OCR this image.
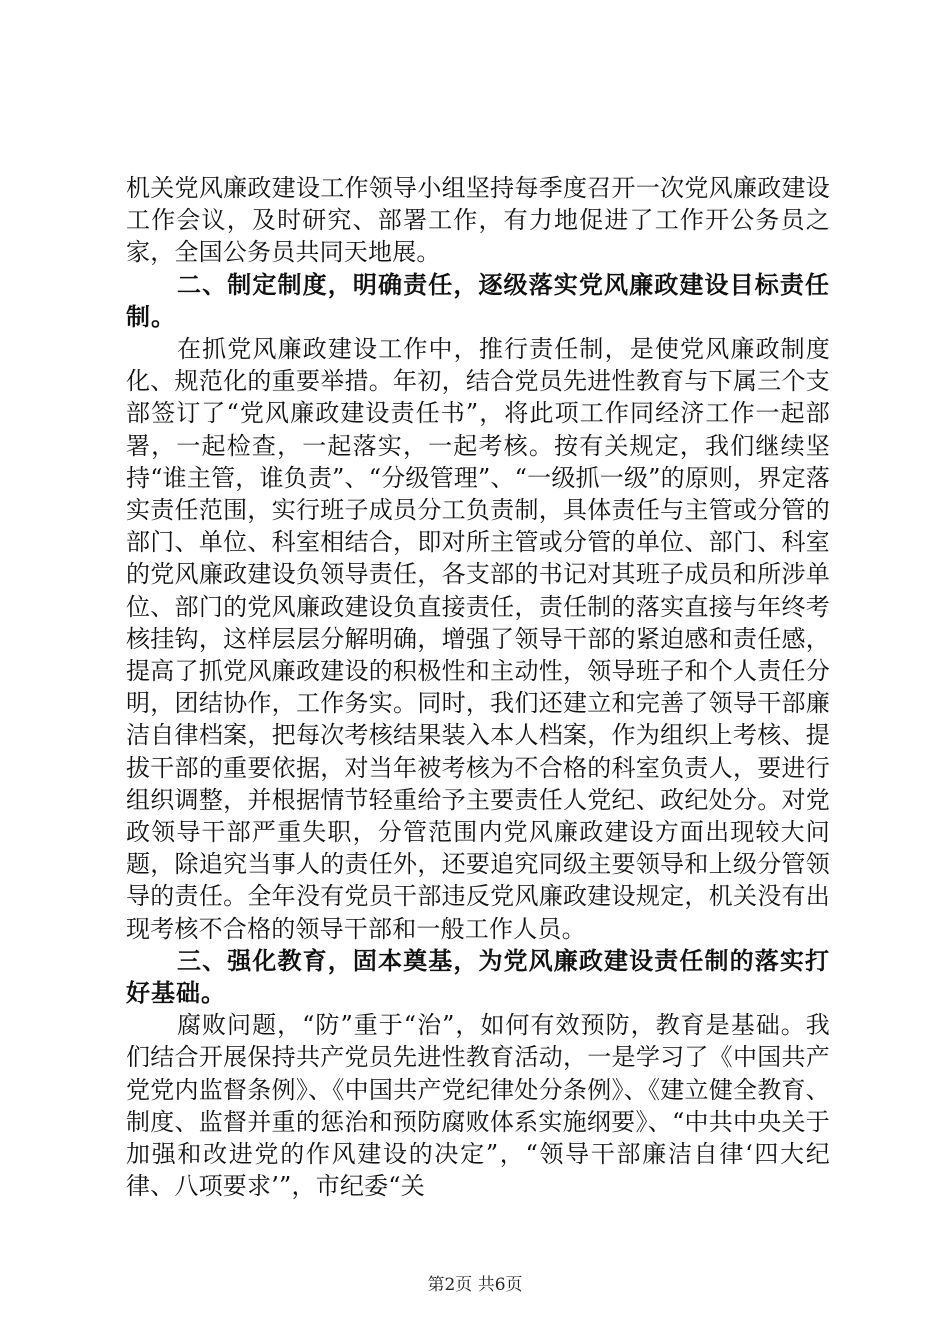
机关党风廉政建设工作领导小组坚持每季度召开一次党风廉政建设工作会议，及时研究、部署工作，有力地促进了工作开公务员之家，全国公务员共同天地展。

二、制定制度，明确责任，逐级落实党风廉政建设目标责任制。

在抓党风廉政建设工作中，推行责任制，是使党风廉政制度化、规范化的重要举措。年初，结合党员先进性教育与下属三个支部签订了“党风廉政建设责任书”，将此项工作同经济工作一起部署，一起检查，一起落实，一起考核。按有关规定，我们继续坚持“谁主管，谁负责”、“分级管理”、“一级抓一级”的原则，界定落实责任范围，实行班子成员分工负责制，具体责任与主管或分管的部门、单位、科室相结合，即对所主管或分管的单位、部门、科室的党风廉政建设负领导责任，各支部的书记对其班子成员和所涉单位、部门的党风廉政建设负直接责任，责任制的落实直接与年终考核挂钩，这样层层分解明确，增强了领导干部的紧迫感和责任感，提高了抓党风廉政建设的积极性和主动性，领导班子和个人责任分明，团结协作，工作务实。同时，我们还建立和完善了领导干部廉洁自律档案，把每次考核结果装入本人档案，作为组织上考核、提拔干部的重要依据，对当年被考核为不合格的科室负责人，要进行组织调整，并根据情节轻重给予主要责任人党纪、政纪处分。对党政领导干部严重失职，分管范围内党风廉政建设方面出现较大问题，除追究当事人的责任外，还要追究同级主要领导和上级分管领导的责任。全年没有党员干部违反党风廉政建设规定，机关没有出现考核不合格的领导干部和一般工作人员。

三、强化教育，固本奠基，为党风廉政建设责任制的落实打好基础。

腐败问题，“防”重于“治”，如何有效预防，教育是基础。我们结合开展保持共产党员先进性教育活动，一是学习了《中国共产党党内监督条例》、《中国共产党纪律处分条例》、《建立健全教育、制度、监督并重的惩治和预防腐败体系实施纲要》、“中共中央关于加强和改进党的作风建设的决定”，“领导干部廉洁自律‘四大纪律、八项要求’”，市纪委“关

第2页 共6页
